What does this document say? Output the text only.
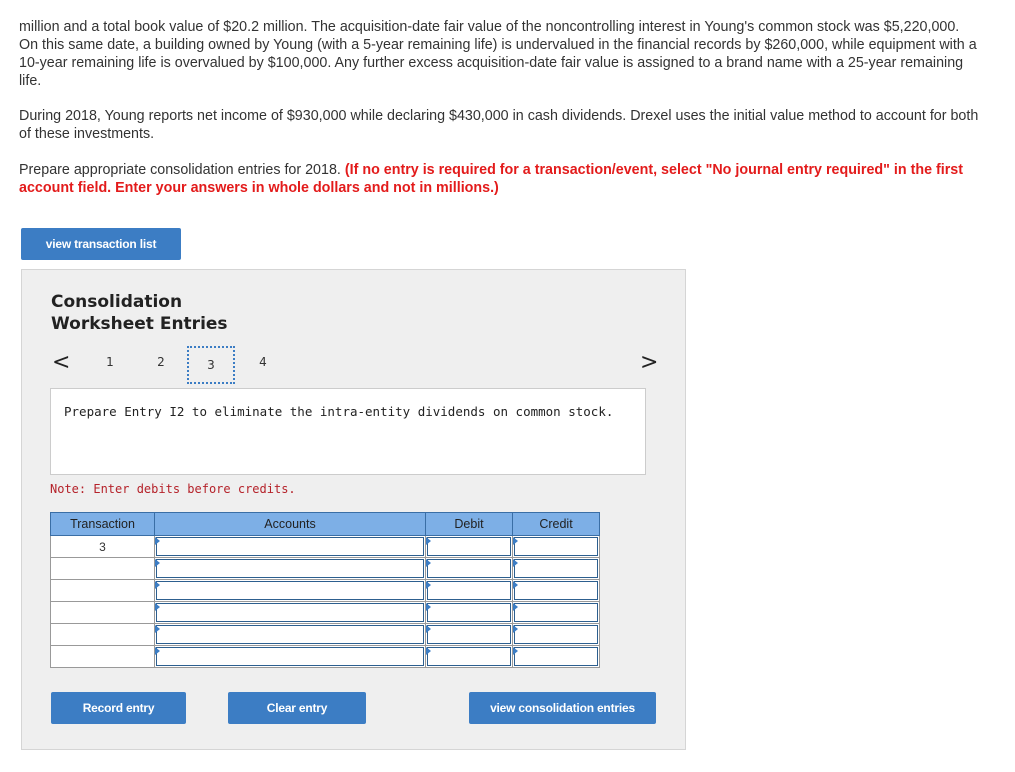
million and a total book value of $20.2 million. The acquisition-date fair value of the noncontrolling interest in Young's common stock was $5,220,000. On this same date, a building owned by Young (with a 5-year remaining life) is undervalued in the financial records by $260,000, while equipment with a 10-year remaining life is overvalued by $100,000. Any further excess acquisition-date fair value is assigned to a brand name with a 25-year remaining life.

During 2018, Young reports net income of $930,000 while declaring $430,000 in cash dividends. Drexel uses the initial value method to account for both of these investments.

Prepare appropriate consolidation entries for 2018. (If no entry is required for a transaction/event, select "No journal entry required" in the first account field. Enter your answers in whole dollars and not in millions.)

view transaction list
Consolidation
Worksheet Entries
<	1	2	3	4	>
Prepare Entry I2 to eliminate the intra-entity dividends on common stock.
Note: Enter debits before credits.
Transaction	Accounts	Debit	Credit
3	

Record entry	Clear entry	view consolidation entries
